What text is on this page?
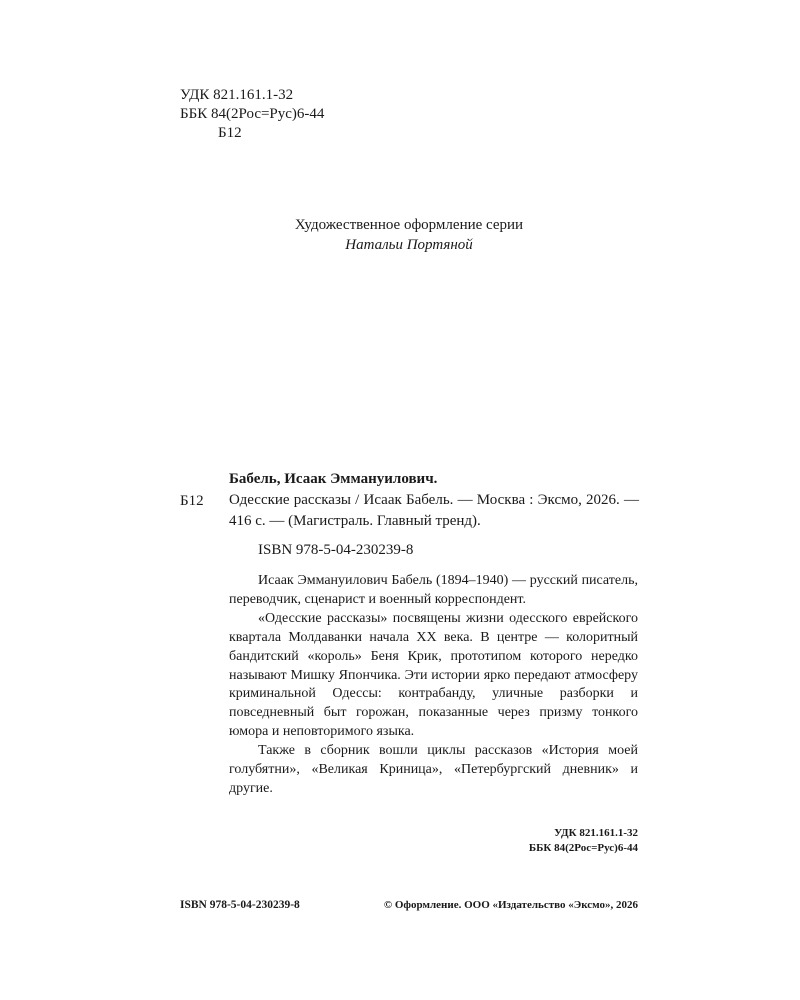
УДК 821.161.1-32
ББК 84(2Рос=Рус)6-44
Б12
Художественное оформление серии
Натальи Портяной
Бабель, Исаак Эммануилович.
Б12 Одесские рассказы / Исаак Бабель. — Москва : Эксмо, 2026. — 416 с. — (Магистраль. Главный тренд).
ISBN 978-5-04-230239-8

Исаак Эммануилович Бабель (1894–1940) — русский писатель, переводчик, сценарист и военный корреспондент.

«Одесские рассказы» посвящены жизни одесского еврейского квартала Молдаванки начала XX века. В центре — колоритный бандитский «король» Беня Крик, прототипом которого нередко называют Мишку Япончика. Эти истории ярко передают атмосферу криминальной Одессы: контрабанду, уличные разборки и повседневный быт горожан, показанные через призму тонкого юмора и неповторимого языка.

Также в сборник вошли циклы рассказов «История моей голубятни», «Великая Криница», «Петербургский дневник» и другие.

УДК 821.161.1-32
ББК 84(2Рос=Рус)6-44
ISBN 978-5-04-230239-8	© Оформление. ООО «Издательство «Эксмо», 2026
